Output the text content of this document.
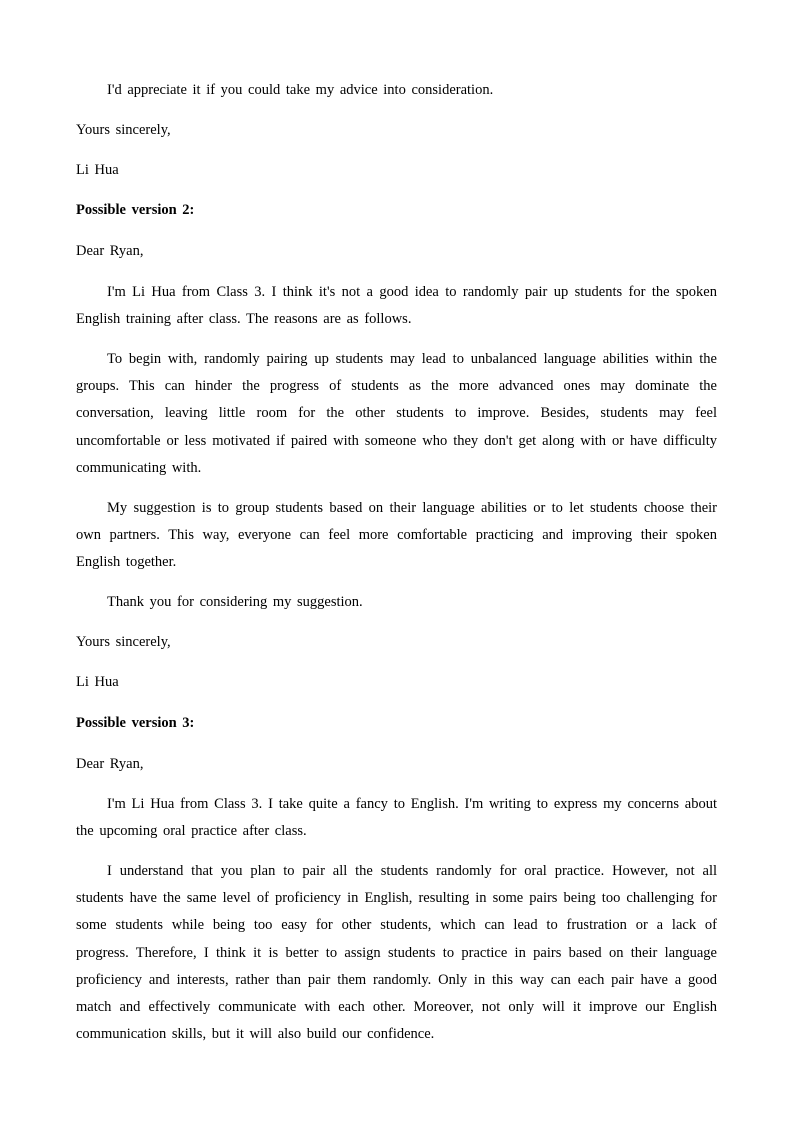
I'd appreciate it if you could take my advice into consideration.

Yours sincerely,

Li Hua

Possible version 2:

Dear Ryan,

I'm Li Hua from Class 3. I think it's not a good idea to randomly pair up students for the spoken English training after class. The reasons are as follows.

To begin with, randomly pairing up students may lead to unbalanced language abilities within the groups. This can hinder the progress of students as the more advanced ones may dominate the conversation, leaving little room for the other students to improve. Besides, students may feel uncomfortable or less motivated if paired with someone who they don't get along with or have difficulty communicating with.

My suggestion is to group students based on their language abilities or to let students choose their own partners. This way, everyone can feel more comfortable practicing and improving their spoken English together.

Thank you for considering my suggestion.

Yours sincerely,

Li Hua

Possible version 3:

Dear Ryan,

I'm Li Hua from Class 3. I take quite a fancy to English. I'm writing to express my concerns about the upcoming oral practice after class.

I understand that you plan to pair all the students randomly for oral practice. However, not all students have the same level of proficiency in English, resulting in some pairs being too challenging for some students while being too easy for other students, which can lead to frustration or a lack of progress. Therefore, I think it is better to assign students to practice in pairs based on their language proficiency and interests, rather than pair them randomly. Only in this way can each pair have a good match and effectively communicate with each other. Moreover, not only will it improve our English communication skills, but it will also build our confidence.
